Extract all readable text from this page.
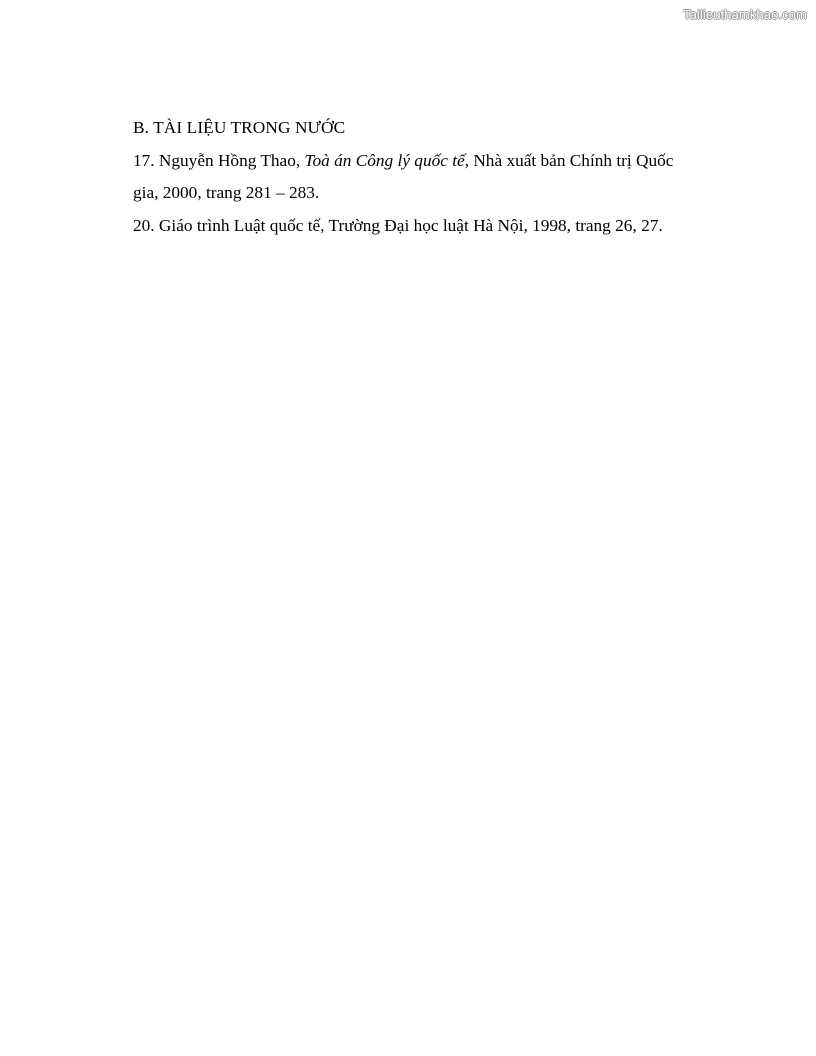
Tailieuthamkhao.com
B. TÀI LIỆU TRONG NƯỚC
17. Nguyễn Hồng Thao, Toà án Công lý quốc tế, Nhà xuất bản Chính trị Quốc
gia, 2000, trang 281 – 283.
20. Giáo trình Luật quốc tế, Trường Đại học luật Hà Nội, 1998, trang 26, 27.
